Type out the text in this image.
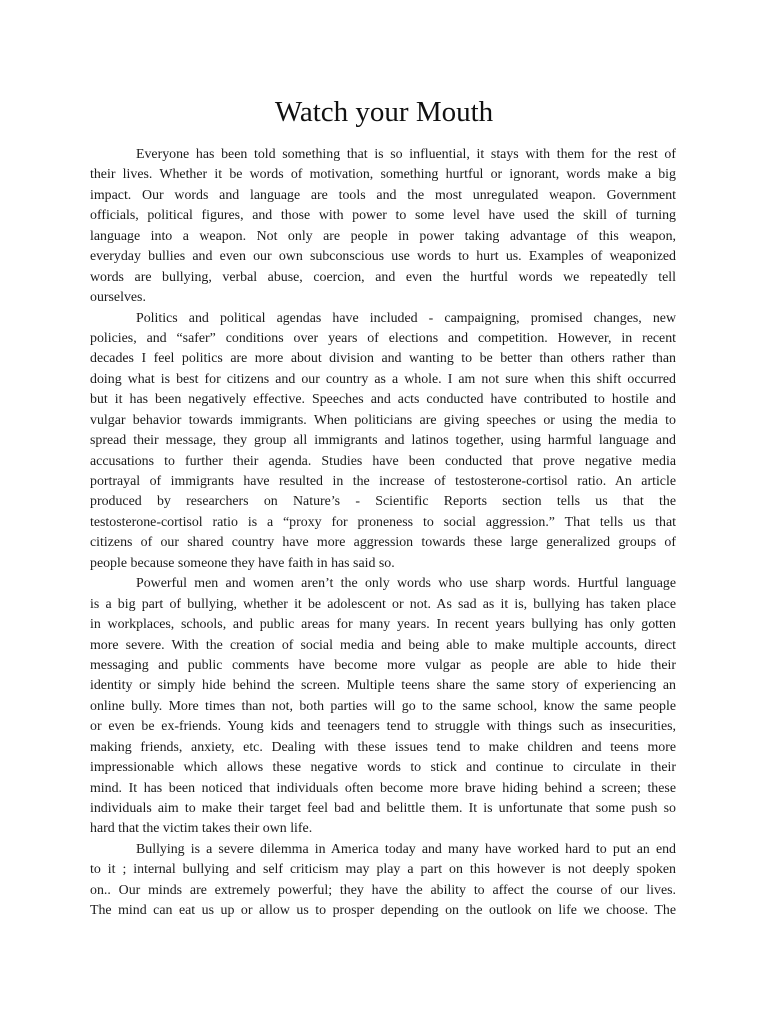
Watch your Mouth
Everyone has been told something that is so influential, it stays with them for the rest of
their lives. Whether it be words of motivation, something hurtful or ignorant, words make a big
impact. Our words and language are tools and the most unregulated weapon. Government
officials, political figures, and those with power to some level have used the skill of turning
language into a weapon. Not only are people in power taking advantage of this weapon,
everyday bullies and even our own subconscious use words to hurt us. Examples of weaponized
words are bullying, verbal abuse, coercion, and even the hurtful words we repeatedly tell
ourselves.
Politics and political agendas have included - campaigning, promised changes, new
policies, and “safer” conditions over years of elections and competition. However, in recent
decades I feel politics are more about division and wanting to be better than others rather than
doing what is best for citizens and our country as a whole. I am not sure when this shift occurred
but it has been negatively effective. Speeches and acts conducted have contributed to hostile and
vulgar behavior towards immigrants. When politicians are giving speeches or using the media to
spread their message, they group all immigrants and latinos together, using harmful language and
accusations to further their agenda. Studies have been conducted that prove negative media
portrayal of immigrants have resulted in the increase of testosterone-cortisol ratio. An article
produced by researchers on Nature’s - Scientific Reports section tells us that the
testosterone-cortisol ratio is a “proxy for proneness to social aggression.” That tells us that
citizens of our shared country have more aggression towards these large generalized groups of
people because someone they have faith in has said so.
Powerful men and women aren’t the only words who use sharp words. Hurtful language
is a big part of bullying, whether it be adolescent or not. As sad as it is, bullying has taken place
in workplaces, schools, and public areas for many years. In recent years bullying has only gotten
more severe. With the creation of social media and being able to make multiple accounts, direct
messaging and public comments have become more vulgar as people are able to hide their
identity or simply hide behind the screen. Multiple teens share the same story of experiencing an
online bully. More times than not, both parties will go to the same school, know the same people
or even be ex-friends. Young kids and teenagers tend to struggle with things such as insecurities,
making friends, anxiety, etc. Dealing with these issues tend to make children and teens more
impressionable which allows these negative words to stick and continue to circulate in their
mind. It has been noticed that individuals often become more brave hiding behind a screen; these
individuals aim to make their target feel bad and belittle them. It is unfortunate that some push so
hard that the victim takes their own life.
Bullying is a severe dilemma in America today and many have worked hard to put an end
to it ; internal bullying and self criticism may play a part on this however is not deeply spoken
on.. Our minds are extremely powerful; they have the ability to affect the course of our lives.
The mind can eat us up or allow us to prosper depending on the outlook on life we choose. The
